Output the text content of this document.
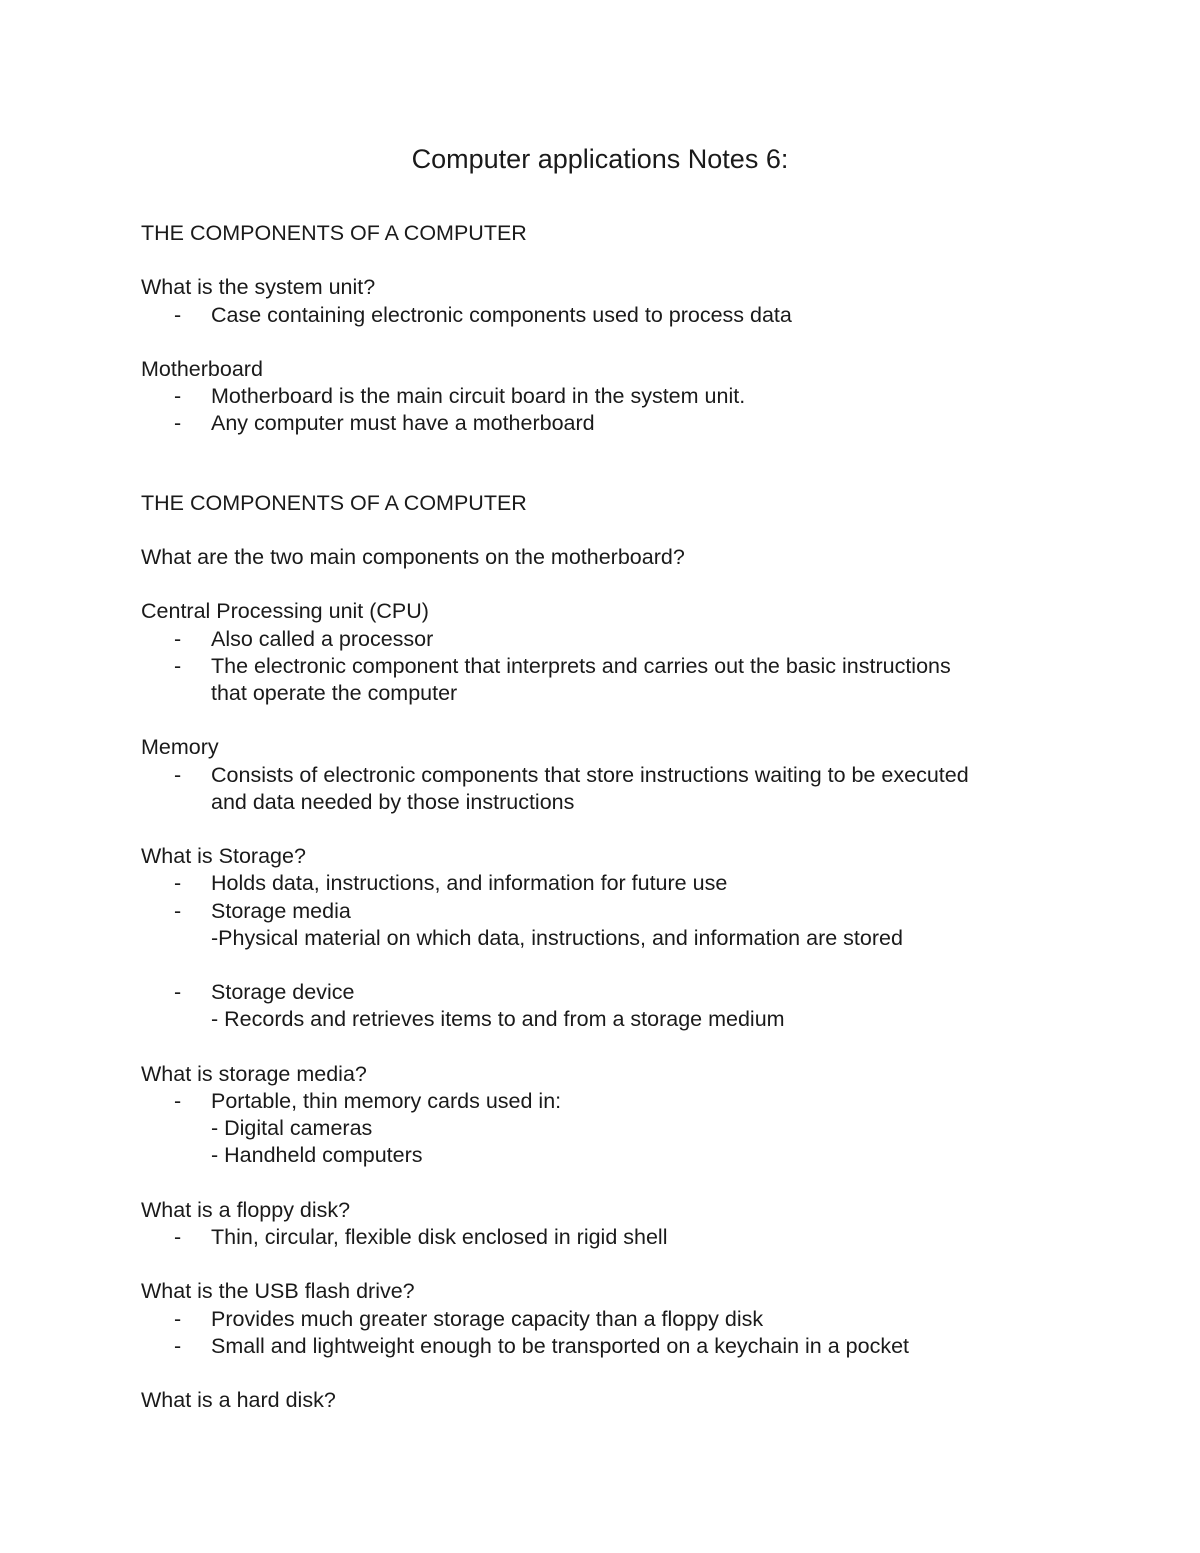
Computer applications Notes 6:

THE COMPONENTS OF A COMPUTER

What is the system unit?

- Case containing electronic components used to process data

Motherboard

- Motherboard is the main circuit board in the system unit.

- Any computer must have a motherboard

THE COMPONENTS OF A COMPUTER

What are the two main components on the motherboard?

Central Processing unit (CPU)

- Also called a processor

- The electronic component that interprets and carries out the basic instructions

that operate the computer

Memory

- Consists of electronic components that store instructions waiting to be executed

and data needed by those instructions

What is Storage?

- Holds data, instructions, and information for future use

- Storage media

-Physical material on which data, instructions, and information are stored

- Storage device

- Records and retrieves items to and from a storage medium

What is storage media?

- Portable, thin memory cards used in:

- Digital cameras

- Handheld computers

What is a floppy disk?

- Thin, circular, flexible disk enclosed in rigid shell

What is the USB flash drive?

- Provides much greater storage capacity than a floppy disk

- Small and lightweight enough to be transported on a keychain in a pocket

What is a hard disk?
